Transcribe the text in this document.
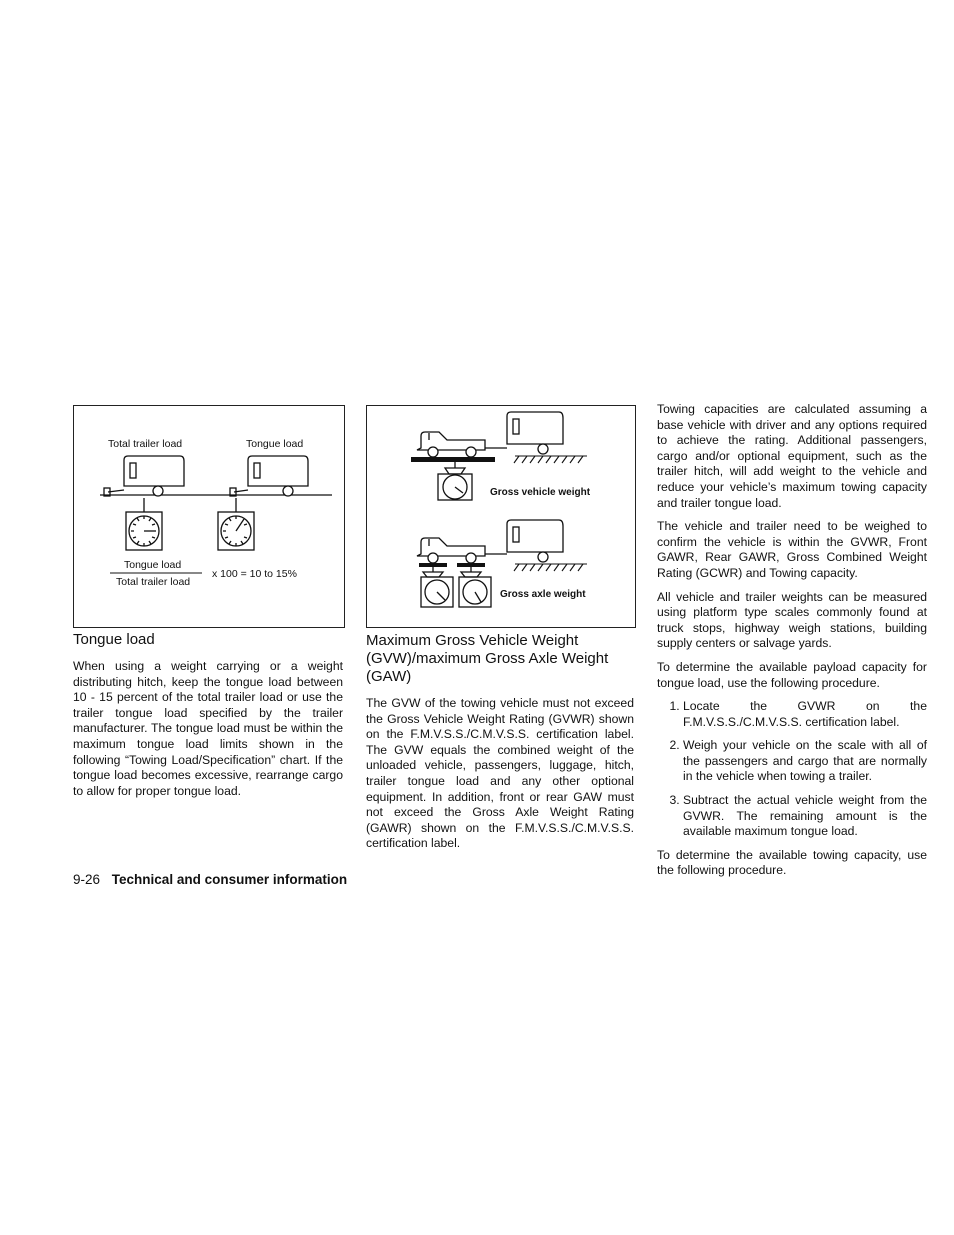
Total trailer load	Tongue load
Tongue load
Total trailer load
x 100 = 10 to 15%
Gross vehicle weight
Gross axle weight
Tongue load

When using a weight carrying or a weight distributing hitch, keep the tongue load between 10 - 15 percent of the total trailer load or use the trailer tongue load specified by the trailer manufacturer. The tongue load must be within the maximum tongue load limits shown in the following “Towing Load/Specification” chart. If the tongue load becomes excessive, rearrange cargo to allow for proper tongue load.

Maximum Gross Vehicle Weight (GVW)/maximum Gross Axle Weight (GAW)

The GVW of the towing vehicle must not exceed the Gross Vehicle Weight Rating (GVWR) shown on the F.M.V.S.S./C.M.V.S.S. certification label. The GVW equals the combined weight of the unloaded vehicle, passengers, luggage, hitch, trailer tongue load and any other optional equipment. In addition, front or rear GAW must not exceed the Gross Axle Weight Rating (GAWR) shown on the F.M.V.S.S./C.M.V.S.S. certification label.

Towing capacities are calculated assuming a base vehicle with driver and any options required to achieve the rating. Additional passengers, cargo and/or optional equipment, such as the trailer hitch, will add weight to the vehicle and reduce your vehicle’s maximum towing capacity and trailer tongue load.

The vehicle and trailer need to be weighed to confirm the vehicle is within the GVWR, Front GAWR, Rear GAWR, Gross Combined Weight Rating (GCWR) and Towing capacity.

All vehicle and trailer weights can be measured using platform type scales commonly found at truck stops, highway weigh stations, building supply centers or salvage yards.

To determine the available payload capacity for tongue load, use the following procedure.

1. Locate the GVWR on the F.M.V.S.S./C.M.V.S.S. certification label.
2. Weigh your vehicle on the scale with all of the passengers and cargo that are normally in the vehicle when towing a trailer.
3. Subtract the actual vehicle weight from the GVWR. The remaining amount is the available maximum tongue load.

To determine the available towing capacity, use the following procedure.

9-26 Technical and consumer information
